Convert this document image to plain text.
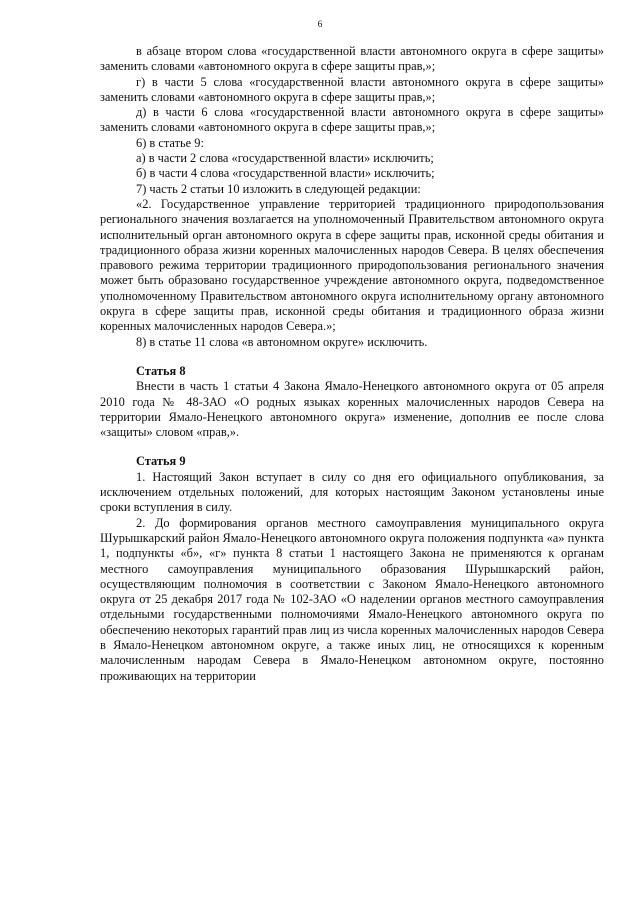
6

в абзаце втором слова «государственной власти автономного округа в сфере защиты» заменить словами «автономного округа в сфере защиты прав,»;

г) в части 5 слова «государственной власти автономного округа в сфере защиты» заменить словами «автономного округа в сфере защиты прав,»;

д) в части 6 слова «государственной власти автономного округа в сфере защиты» заменить словами «автономного округа в сфере защиты прав,»;

6) в статье 9:

а) в части 2 слова «государственной власти» исключить;

б) в части 4 слова «государственной власти» исключить;

7) часть 2 статьи 10 изложить в следующей редакции:

«2. Государственное управление территорией традиционного природопользования регионального значения возлагается на уполномоченный Правительством автономного округа исполнительный орган автономного округа в сфере защиты прав, исконной среды обитания и традиционного образа жизни коренных малочисленных народов Севера. В целях обеспечения правового режима территории традиционного природопользования регионального значения может быть образовано государственное учреждение автономного округа, подведомственное уполномоченному Правительством автономного округа исполнительному органу автономного округа в сфере защиты прав, исконной среды обитания и традиционного образа жизни коренных малочисленных народов Севера.»;

8) в статье 11 слова «в автономном округе» исключить.

Статья 8

Внести в часть 1 статьи 4 Закона Ямало-Ненецкого автономного округа от 05 апреля 2010 года № 48-ЗАО «О родных языках коренных малочисленных народов Севера на территории Ямало-Ненецкого автономного округа» изменение, дополнив ее после слова «защиты» словом «прав,».

Статья 9

1. Настоящий Закон вступает в силу со дня его официального опубликования, за исключением отдельных положений, для которых настоящим Законом установлены иные сроки вступления в силу.

2. До формирования органов местного самоуправления муниципального округа Шурышкарский район Ямало-Ненецкого автономного округа положения подпункта «а» пункта 1, подпункты «б», «г» пункта 8 статьи 1 настоящего Закона не применяются к органам местного самоуправления муниципального образования Шурышкарский район, осуществляющим полномочия в соответствии с Законом Ямало-Ненецкого автономного округа от 25 декабря 2017 года № 102-ЗАО «О наделении органов местного самоуправления отдельными государственными полномочиями Ямало-Ненецкого автономного округа по обеспечению некоторых гарантий прав лиц из числа коренных малочисленных народов Севера в Ямало-Ненецком автономном округе, а также иных лиц, не относящихся к коренным малочисленным народам Севера в Ямало-Ненецком автономном округе, постоянно проживающих на территории
